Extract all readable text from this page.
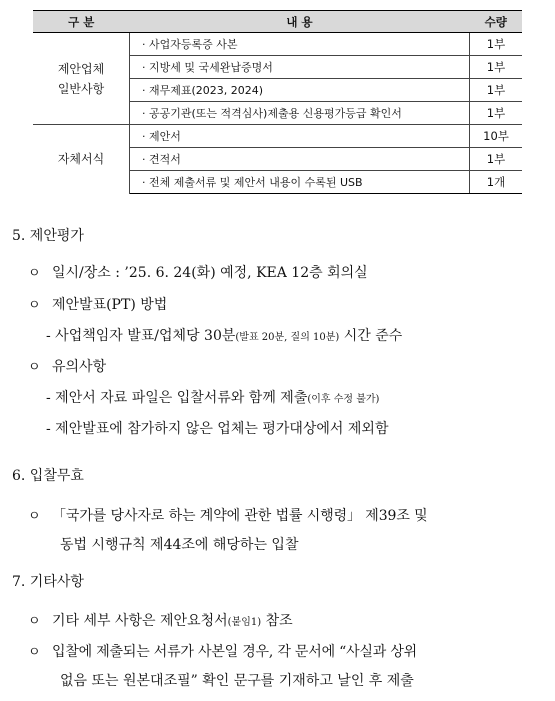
구 분	내 용	수량
제안업체
일반사항	· 사업자등록증 사본	1부
	· 지방세 및 국세완납증명서	1부
	· 재무제표(2023, 2024)	1부
	· 공공기관(또는 적격심사)제출용 신용평가등급 확인서	1부
자체서식	· 제안서	10부
	· 견적서	1부
	· 전체 제출서류 및 제안서 내용이 수록된 USB	1개
5. 제안평가
ㅇ 일시/장소 : ’25. 6. 24(화) 예정, KEA 12층 회의실
ㅇ 제안발표(PT) 방법
- 사업책임자 발표/업체당 30분(발표 20분, 질의 10분) 시간 준수
ㅇ 유의사항
- 제안서 자료 파일은 입찰서류와 함께 제출(이후 수정 불가)
- 제안발표에 참가하지 않은 업체는 평가대상에서 제외함
6. 입찰무효
ㅇ 「국가를 당사자로 하는 계약에 관한 법률 시행령」 제39조 및
동법 시행규칙 제44조에 해당하는 입찰
7. 기타사항
ㅇ 기타 세부 사항은 제안요청서(붙임1) 참조
ㅇ 입찰에 제출되는 서류가 사본일 경우, 각 문서에 “사실과 상위
없음 또는 원본대조필” 확인 문구를 기재하고 날인 후 제출
